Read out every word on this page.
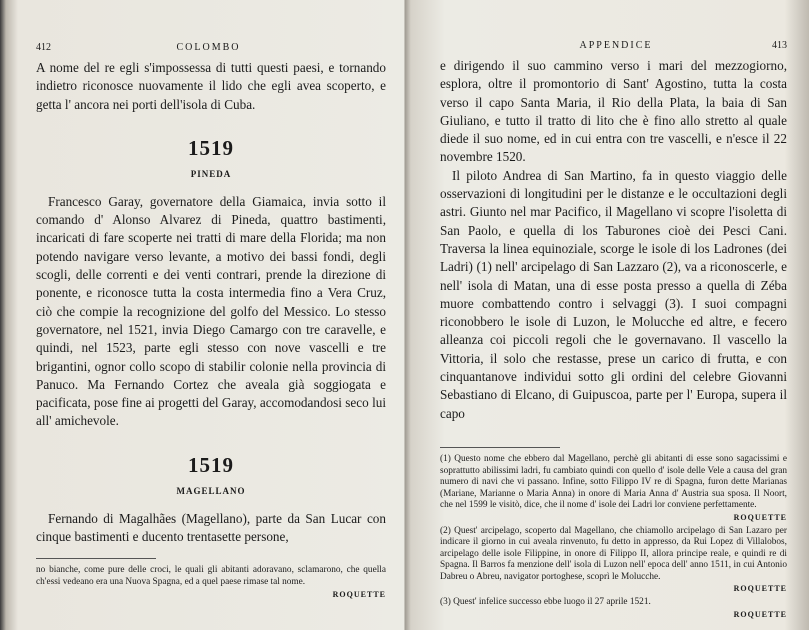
412	COLOMBO

A nome del re egli s'impossessa di tutti questi paesi, e tornando indietro riconosce nuovamente il lido che egli avea scoperto, e getta l' ancora nei porti dell'isola di Cuba.

1519
PINEDA

Francesco Garay, governatore della Giamaica, invia sotto il comando d' Alonso Alvarez di Pineda, quattro bastimenti, incaricati di fare scoperte nei tratti di mare della Florida; ma non potendo navigare verso levante, a motivo dei bassi fondi, degli scogli, delle correnti e dei venti contrari, prende la direzione di ponente, e riconosce tutta la costa intermedia fino a Vera Cruz, ciò che compie la recognizione del golfo del Messico. Lo stesso governatore, nel 1521, invia Diego Camargo con tre caravelle, e quindi, nel 1523, parte egli stesso con nove vascelli e tre brigantini, ognor collo scopo di stabilir colonie nella provincia di Panuco. Ma Fernando Cortez che aveala già soggiogata e pacificata, pose fine ai progetti del Garay, accomodandosi seco lui all' amichevole.

1519
MAGELLANO

Fernando di Magalhães (Magellano), parte da San Lucar con cinque bastimenti e ducento trentasette persone,

no bianche, come pure delle croci, le quali gli abitanti adoravano, sclamarono, che quella ch'essi vedeano era una Nuova Spagna, ed a quel paese rimase tal nome.
ROQUETTE
APPENDICE	413

e dirigendo il suo cammino verso i mari del mezzogiorno, esplora, oltre il promontorio di Sant' Agostino, tutta la costa verso il capo Santa Maria, il Rio della Plata, la baia di San Giuliano, e tutto il tratto di lito che è fino allo stretto al quale diede il suo nome, ed in cui entra con tre vascelli, e n'esce il 22 novembre 1520.

Il piloto Andrea di San Martino, fa in questo viaggio delle osservazioni di longitudini per le distanze e le occultazioni degli astri. Giunto nel mar Pacifico, il Magellano vi scopre l'isoletta di San Paolo, e quella di los Taburones cioè dei Pesci Cani. Traversa la linea equinoziale, scorge le isole di los Ladrones (dei Ladri) (1) nell' arcipelago di San Lazzaro (2), va a riconoscerle, e nell' isola di Matan, una di esse posta presso a quella di Zéba muore combattendo contro i selvaggi (3). I suoi compagni riconobbero le isole di Luzon, le Molucche ed altre, e fecero alleanza coi piccoli regoli che le governavano. Il vascello la Vittoria, il solo che restasse, prese un carico di frutta, e con cinquantanove individui sotto gli ordini del celebre Giovanni Sebastiano di Elcano, di Guipuscoa, parte per l' Europa, supera il capo

(1) Questo nome che ebbero dal Magellano, perchè gli abitanti di esse sono sagacissimi e soprattutto abilissimi ladri, fu cambiato quindi con quello d' isole delle Vele a causa del gran numero di navi che vi passano. Infine, sotto Filippo IV re di Spagna, furon dette Marianas (Mariane, Marianne o Maria Anna) in onore di Maria Anna d' Austria sua sposa. Il Noort, che nel 1599 le visitò, dice, che il nome d' isole dei Ladri lor conviene perfettamente.
ROQUETTE
(2) Quest' arcipelago, scoperto dal Magellano, che chiamollo arcipelago di San Lazaro per indicare il giorno in cui aveala rinvenuto, fu detto in appresso, da Rui Lopez di Villalobos, arcipelago delle isole Filippine, in onore di Filippo II, allora principe reale, e quindi re di Spagna. Il Barros fa menzione dell' isola di Luzon nell' epoca dell' anno 1511, in cui Antonio Dabreu o Abreu, navigator portoghese, scoprì le Molucche.
ROQUETTE
(3) Quest' infelice successo ebbe luogo il 27 aprile 1521.
ROQUETTE
